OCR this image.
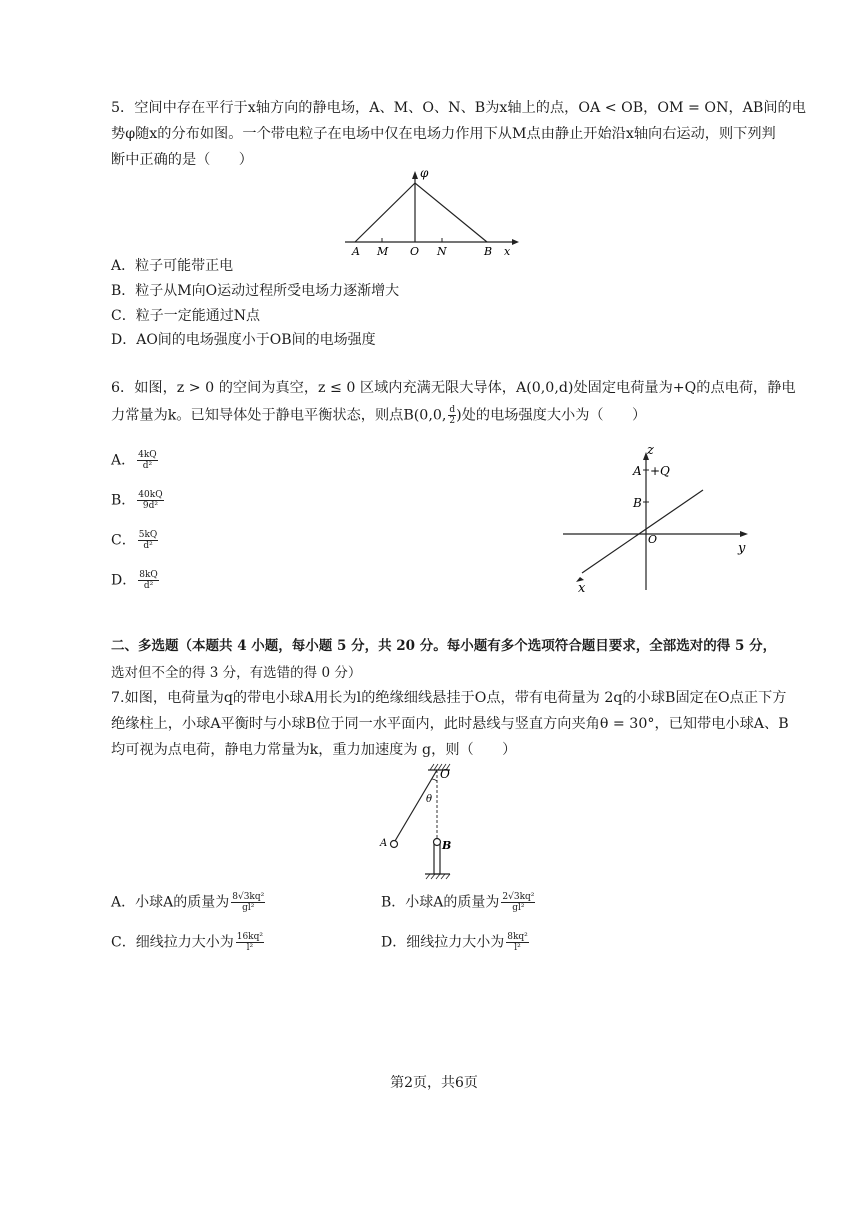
5．空间中存在平行于x轴方向的静电场，A、M、O、N、B为x轴上的点，OA < OB，OM = ON，AB间的电
势φ随x的分布如图。一个带电粒子在电场中仅在电场力作用下从M点由静止开始沿x轴向右运动，则下列判
断中正确的是（　　）
φ
A M O N	B x
A．粒子可能带正电
B．粒子从M向O运动过程所受电场力逐渐增大
C．粒子一定能通过N点
D．AO间的电场强度小于OB间的电场强度
6．如图，z > 0 的空间为真空，z ≤ 0 区域内充满无限大导体，A(0,0,d)处固定电荷量为+Q的点电荷，静电
力常量为k。已知导体处于静电平衡状态，则点B(0,0, $\frac{d}{2}$ )处的电场强度大小为（　　）
A． $\frac{4kQ}{\text{d²}}$
B． $\frac{40kQ}{\text{9d²}}$
C． $\frac{5kQ}{\text{d²}}$
D． $\frac{8kQ}{\text{d²}}$
z
A +Q
B
O
y
x
二、多选题（本题共 4 小题，每小题 5 分，共 20 分。每小题有多个选项符合题目要求，全部选对的得 5 分，
选对但不全的得 3 分，有选错的得 0 分）
7.如图，电荷量为q的带电小球A用长为l的绝缘细线悬挂于O点，带有电荷量为 2q的小球B固定在O点正下方
绝缘柱上，小球A平衡时与小球B位于同一水平面内，此时悬线与竖直方向夹角θ = 30°，已知带电小球A、B
均可视为点电荷，静电力常量为k，重力加速度为 g，则（　　）
O
θ
A	B
A．小球A的质量为 $\frac{\text{8√3kq²}}{\text{gl²}}$	B．小球A的质量为 $\frac{\text{2√3kq²}}{\text{gl²}}$
C．细线拉力大小为 $\frac{\text{16kq²}}{\text{l²}}$	D．细线拉力大小为 $\frac{\text{8kq²}}{\text{l²}}$
第2页，共6页
